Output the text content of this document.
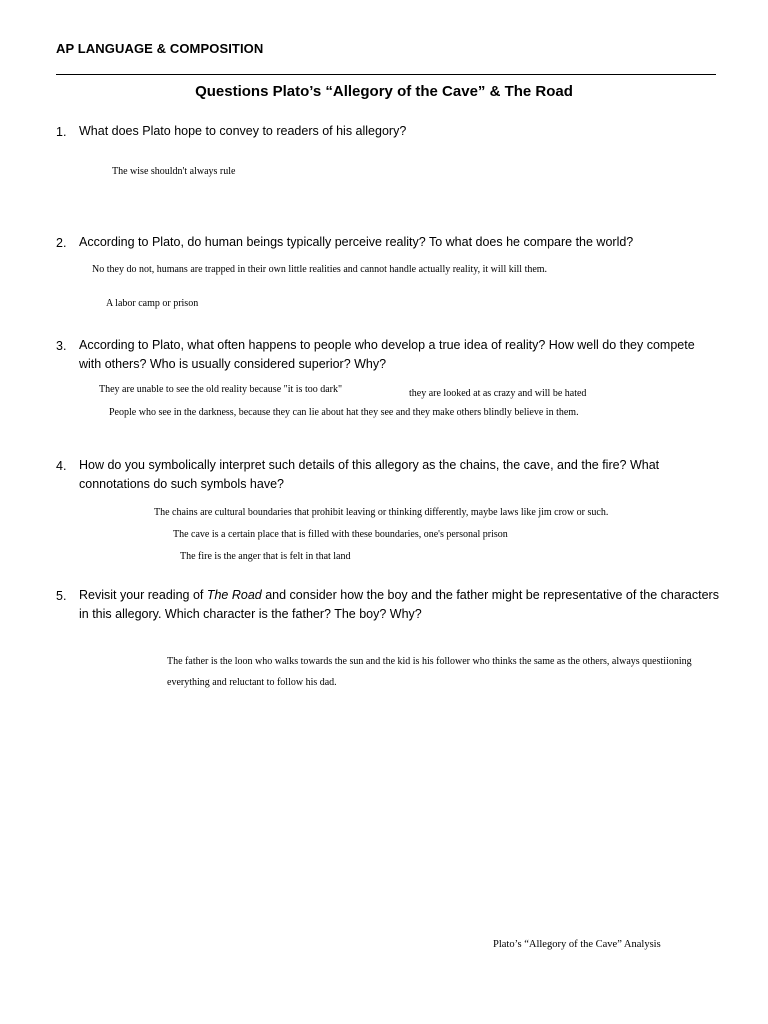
AP LANGUAGE & COMPOSITION
Questions Plato’s “Allegory of the Cave” & The Road
1. What does Plato hope to convey to readers of his allegory?
The wise shouldn't always rule
2. According to Plato, do human beings typically perceive reality? To what does he compare the world?
No they do not, humans are trapped in their own little realities and cannot handle actually reality, it will kill them.
A labor camp or prison
3. According to Plato, what often happens to people who develop a true idea of reality? How well do they compete
with others? Who is usually considered superior? Why?
They are unable to see the old reality because "it is too dark"	they are looked at as crazy and will be hated
People who see in the darkness, because they can lie about hat they see and they make others blindly believe in them.
4. How do you symbolically interpret such details of this allegory as the chains, the cave, and the fire? What
connotations do such symbols have?
The chains are cultural boundaries that prohibit leaving or thinking differently, maybe laws like jim crow or such.
The cave is a certain place that is filled with these boundaries, one's personal prison
The fire is the anger that is felt in that land
5. Revisit your reading of The Road and consider how the boy and the father might be representative of the characters
in this allegory. Which character is the father? The boy? Why?
The father is the loon who walks towards the sun and the kid is his follower who thinks the same as the others, always questiioning
everything and reluctant to follow his dad.
Plato’s “Allegory of the Cave” Analysis
